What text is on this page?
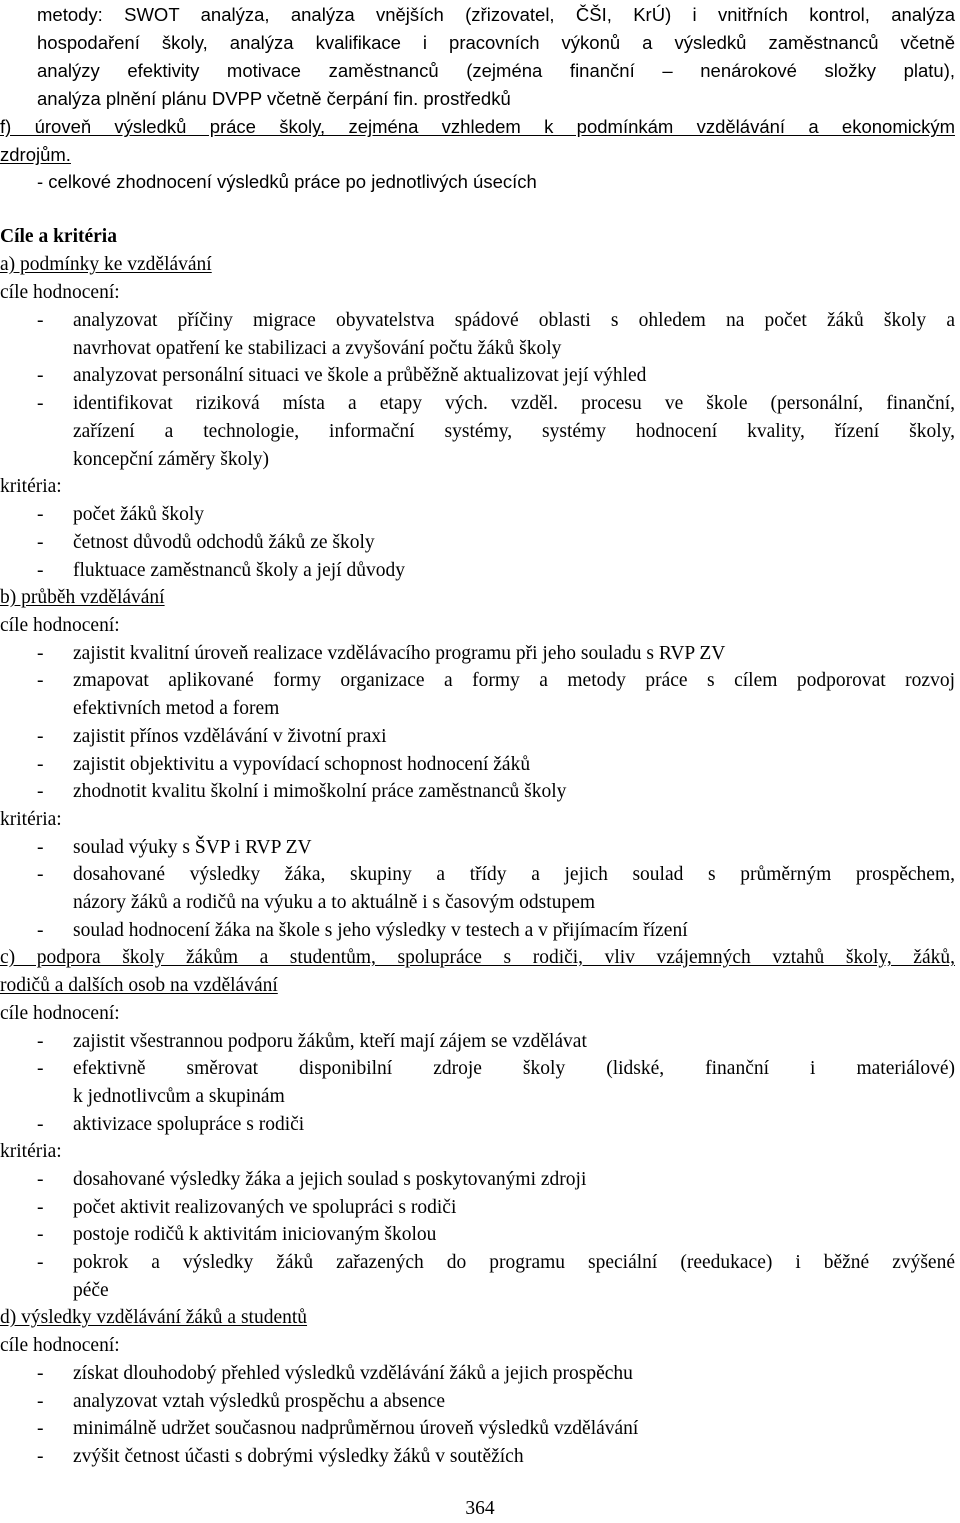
metody: SWOT analýza, analýza vnějších (zřizovatel, ČŠI, KrÚ) i vnitřních kontrol, analýza
hospodaření školy, analýza kvalifikace i pracovních výkonů a výsledků zaměstnanců včetně
analýzy efektivity motivace zaměstnanců (zejména finanční – nenárokové složky platu),
analýza plnění plánu DVPP včetně čerpání fin. prostředků
f) úroveň výsledků práce školy, zejména vzhledem k podmínkám vzdělávání a ekonomickým
zdrojům.
- celkové zhodnocení výsledků práce po jednotlivých úsecích
Cíle a kritéria
a) podmínky ke vzdělávání
cíle hodnocení:
- analyzovat příčiny migrace obyvatelstva spádové oblasti s ohledem na počet žáků školy a
navrhovat opatření ke stabilizaci a zvyšování počtu žáků školy
- analyzovat personální situaci ve škole a průběžně aktualizovat její výhled
- identifikovat riziková místa a etapy vých. vzděl. procesu ve škole (personální, finanční,
zařízení a technologie, informační systémy, systémy hodnocení kvality, řízení školy,
koncepční záměry školy)
kritéria:
- počet žáků školy
- četnost důvodů odchodů žáků ze školy
- fluktuace zaměstnanců školy a její důvody
b) průběh vzdělávání
cíle hodnocení:
- zajistit kvalitní úroveň realizace vzdělávacího programu při jeho souladu s RVP ZV
- zmapovat aplikované formy organizace a formy a metody práce s cílem podporovat rozvoj
efektivních metod a forem
- zajistit přínos vzdělávání v životní praxi
- zajistit objektivitu a vypovídací schopnost hodnocení žáků
- zhodnotit kvalitu školní i mimoškolní práce zaměstnanců školy
kritéria:
- soulad výuky s ŠVP i RVP ZV
- dosahované výsledky žáka, skupiny a třídy a jejich soulad s průměrným prospěchem,
názory žáků a rodičů na výuku a to aktuálně i s časovým odstupem
- soulad hodnocení žáka na škole s jeho výsledky v testech a v přijímacím řízení
c) podpora školy žákům a studentům, spolupráce s rodiči, vliv vzájemných vztahů školy, žáků,
rodičů a dalších osob na vzdělávání
cíle hodnocení:
- zajistit všestrannou podporu žákům, kteří mají zájem se vzdělávat
- efektivně směrovat disponibilní zdroje školy (lidské, finanční i materiálové)
k jednotlivcům a skupinám
- aktivizace spolupráce s rodiči
kritéria:
- dosahované výsledky žáka a jejich soulad s poskytovanými zdroji
- počet aktivit realizovaných ve spolupráci s rodiči
- postoje rodičů k aktivitám iniciovaným školou
- pokrok a výsledky žáků zařazených do programu speciální (reedukace) i běžné zvýšené
péče
d) výsledky vzdělávání žáků a studentů
cíle hodnocení:
- získat dlouhodobý přehled výsledků vzdělávání žáků a jejich prospěchu
- analyzovat vztah výsledků prospěchu a absence
- minimálně udržet současnou nadprůměrnou úroveň výsledků vzdělávání
- zvýšit četnost účasti s dobrými výsledky žáků v soutěžích
364
